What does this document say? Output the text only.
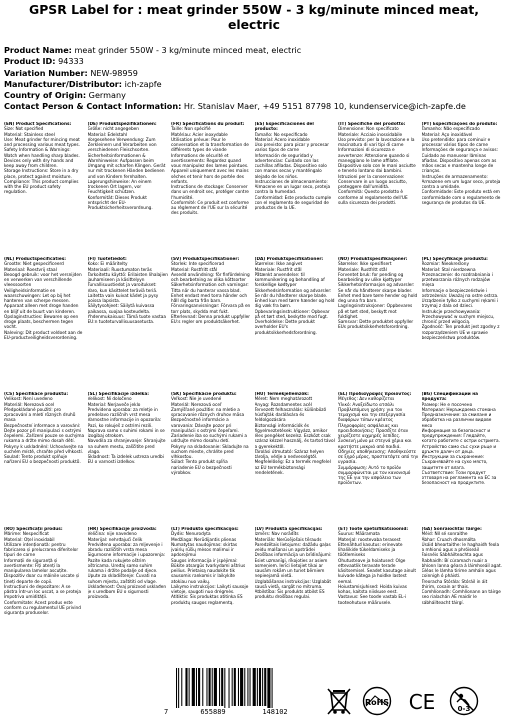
GPSR Label for : meat grinder 550W - 3 kg/minute minced meat, electric
Product Name: meat grinder 550W - 3 kg/minute minced meat, electric
Product ID: 94333
Variation Number: NEW-98959
Manufacturer/Distributor: ich-zapfe
Country of Origin: Germany
Contact Person & Contact Information: Hr. Stanislav Maer, +49 5151 87798 10, kundenservice@ich-zapfe.de
(EN) Product Specifications:

Size: Not specified

Material: Stainless steel

Use: Meat grinder for mincing meat and processing various meat types.

Safety Information & Warnings: Watch when handling sharp blades. Devices only with dry hands and keep away from children.

Storage Instructions: Store in a dry place, protect against moisture.

Compliance: This product complies with the EU product safety regulation.

(DE) Produktspezifikationen:

Größe: nicht angegeben

Material: Edelstahl

Vorgesehene Verwendung: Zum Zerkleinern und Verarbeiten von verschiedenen Fleischsorten.

Sicherheitsinformationen & Warnhinweise: Aufpassen beim Umgang mit scharfen Klingen. Gerät nur mit trockenen Händen bedienen und von Kindern fernhalten.

Lagerungshinweise: An einem trockenen Ort lagern, vor Feuchtigkeit schützen.

Konformität: Dieses Produkt entspricht der EU-Produktsicherheitsverordnung.

(FR) Spécifications du produit:

Taille: Non spécifié

Matériau: Acier inoxydable

Utilisation prévue: Pour le conversation et la transformation de différents types de viande

Informations de sécurité et avertissements: Regardez quand vous manipulez des lames pointues. Appareil uniquement avec les mains sèches et tenir hors de portée des enfants.

Instructions de stockage: Conserver dans un endroit sec, protéger contre l'humidité.

Conformité: Ce produit est conforme au règlement de l'UE sur la sécurité des produits.

(ES) Especificaciones del producto:

Tamaño: No especificado

Material: Acero inoxidable

Uso previsto: para picar y procesar varios tipos de carne

Información de seguridad y advertencias: Cuidado con las cuchillas afiladas. Dispositivo solo con manos secas y manténgalo alejado de los niños.

Instrucciones de almacenamiento: Almacene en un lugar seco, proteja contra la humedad.

Conformidad: Este producto cumple con el reglamento de seguridad de productos de la UE.

(IT) Specifiche del prodotto:

Dimensione: Non specificato

Materiale: Acciaio inossidabile

Uso previsto: per la lavorazione e la macinatura di vari tipi di carne

Informazioni di sicurezza e avvertenze: Attenzione quando si maneggiano le lame affilate. Dispositivo solo con le mani asciutte e tenerlo lontano dai bambini.

Istruzioni per la conservazione: Conservare in un luogo asciutto, proteggere dall'umidità.

Conformità: Questo prodotto è conforme al regolamento dell'UE sulla sicurezza dei prodotti.

(PT) Especificações do produto:

Tamanho: Não especificado

Material: Aço inoxidável

Uso pretendido: para cominuir e processar vários tipos de carne

Informações de segurança e avisos: Cuidado ao manusear lâminas afiadas. Dispositivo apenas com as mãos secas e mantenha longe de crianças.

Instruções de armazenamento: Armazene em um lugar seco, proteja contra a umidade.

Conformidade: Este produto está em conformidade com o regulamento de segurança de produtos da UE.

(NL) Productspecificaties:

Grootte: Niet gespecificeerd

Materiaal: Roestvrij staal

Beoogd gebruik: voor het versnijden en verwerken van verschillende vleessoorten

Veiligheidsinformatie en waarschuwingen: Let op bij het hanteren van scherpe messen. Apparaat alleen met droge handen en blijf uit de buurt van kinderen.

Opslaginstructies: Bewaren op een droge plaats, beschermen tegen vocht.

Naleving: Dit product voldoet aan de EU-productveiligheidsverordening.

(FI) Tuotetiedot:

Koko: Ei määritelty

Materiaali: Ruostumaton teräs

Tarkoitettu käyttö: Erilaisten lihalajien jauhamiseen ja käsittelyyn

Turvallisuustiedot ja varoitukset: Varo, kun käsittelet teräviä teriä. Laitetta vain kuivat kädet ja pysy poissa lapsista.

Säilytysohjeet: Säilytä kuivassa paikassa, suojaa kosteudelta.

Yhdenmukaisuus: Tämä tuote vastaa EU:n tuoteturvallisuusasetusta.

(SV) Produktspecifikationer:

Storlek: Inte specificerad

Material: Rostfritt stål

Avsedd användning: för finfördelning och bearbetning av olika köttsorter

Säkerhetsinformation och varningar: Titta när du hanterar vassa blad. Enhet endast med torra händer och håll dig borta från barn.

Förvaringsanvisningar: Förvara på en torr plats, skydda mot fukt.

Efterlevnad: Denna produkt uppfyller EU:s regler om produktsäkerhet.

(DA) Produktspecifikationer:

Størrelse: Ikke angivet

Materiale: Rustfrit stål

Påtænkt anvendelse: til kommunikering og behandling af forskellige kødtyper

Sikkerhedsinformation og advarsler: Se når du håndterer skarpe blade. Enhed kun med tørre hænder og hold dig væk fra børn.

Opbevaringsinstruktioner: Opbevar på et tørt sted, beskytte mod fugt.

Overholdelse: Dette produkt overholder EU's produktsikkerhedsforordning.

(NO) Produktspesifikasjoner:

Størrelse: Ikke spesifisert

Materiale: Rustfritt stål

Forventet bruk: for pending og bearbeiding av ulike kjøttyper

Sikkerhetsinformasjon og advarsler: Se når du håndterer skarpe blader. Enhet med bare tørre hender og hold deg unna fra barn.

Lagringsinstruksjoner: Oppbevares på et tørt sted, beskytt mot fuktighet.

Samsvar: Dette produktet oppfyller EUs produktsikkerhetsforordning.

(PL) Specyfikacje produktu:

Rozmiar: Nieokreślony

Materiał: Stal nierdzewna

Przeznaczenie: do rozdrabniania i przetwarzania różnych rodzajów mięsa

Informacje o bezpieczeństwie i ostrzeżenia: Uważaj na ostre ostrza. Urządzenie tylko z suchymi rękami i trzymaj z dala od dzieci.

Instrukcje przechowywania: Przechowywać w suchym miejscu, chronić przed wilgocią.

Zgodność: Ten produkt jest zgodny z rozporządzeniem UE w sprawie bezpieczeństwa produktów.

(CS) Specifikace produktu:

Velikost: Není uvedeno

Materiál: Nerezová ocel

Předpokládané použití: pro zpracování a mletí různých druhů masa

Bezpečnostní informace a varování: Dejte pozor při manipulaci s ostrými čepelemi. Zařízení pouze se suchýma rukama a držte mimo dosah dětí.

Pokyny k uskladnění: Uchovávejte na suchém místě, chraňte před vlhkostí.

Soulad: Tento produkt splňuje nařízení EU o bezpečnosti produktů.

(SL) Specifikacije izdelka:

Velikost: Ni določeno

Material: Nerjaveče jeklo

Predvidena uporaba: za mletje in predelavo različnih vrst mesa

Varnostne informacije in opozorila: Pazi, ko rokuješ z ostrimi rezili. Naprava samo s suhimi rokami in se izogibaj otrokom.

Navodila za shranjevanje: Shranjujte na suhem mestu, zaščitite pred vlago.

Skladnost: Ta izdelek ustreza uredbi EU o varnosti izdelkov.

(SK) Špecifikácie produktu:

Veľkosť: Nie je uvedené

Materiál: Nerezová oceľ

Zamýšľané použitie: na mletie a spracovanie rôznych druhov mäsa

Bezpečnostné informácie a varovania: Dávajte pozor pri manipulácii s ostrými čepeľami. Zariadenie iba so suchými rukami a udržujte mimo dosahu detí.

Pokyny na skladovanie: Skladujte na suchom mieste, chráňte pred vlhkosťou.

Súlad: Tento produkt spĺňa nariadenie EÚ o bezpečnosti výrobkov.

(HU) Termékjellemzők:

Méret: Nem meghatározott

Anyag: Rozsdamentes acél

Tervezett felhasználás: különböző húsfajták darálására és feldolgozására

Biztonsági információk és figyelmeztetések: Vigyázz, amikor éles pengéket kezelsz. Eszközt csak száraz kézzel használj, és tartsd távol a gyerekektől.

Tárolási útmutató: Száraz helyen tárolja, védje a nedvességtől.

Megfelelőség: Ez a termék megfelel az EU termékbiztonsági rendeletének.

(EL) Προδιαγραφές προϊόντος:

Μέγεθος: Δεν καθορίζεται

Υλικό: Ανοξείδωτο ατσάλι

Προβλεπόμενη χρήση: για τον τεμαχισμό και την επεξεργασία διαφόρων τύπων κρέατος

Πληροφορίες ασφάλειας και προειδοποιήσεις: Προσέξτε όταν χειρίζεστε αιχμηρές λεπίδες. Συσκευή μόνο με στεγνά χέρια και κρατήστε μακριά από παιδιά.

Οδηγίες αποθήκευσης: Αποθηκεύστε σε ξηρό μέρος, προστατέψτε από την υγρασία.

Συμμόρφωση: Αυτό το προϊόν συμμορφώνεται με τον κανονισμό της ΕΕ για την ασφάλεια των προϊόντων.

(BG) Спецификации на продукта:

Размер: Не е посочено

Материал: Неръждаема стомана

Предназначение: за смилане и обработка на различни видове месо

Информация за безопасност и предупреждения: Гледайте, когато работите с остри остриета. Устройство само със сухи ръце и дръжте далеч от деца.

Инструкции за съхранение: Съхранявайте на сухо място, защитете от влага.

Съответствие: Този продукт отговаря на регламента на ЕС за безопасност на продуктите.

(RO) Specificații produs:

Mărime: Nespecificat

Material: Oțel inoxidabil

Utilizare intenționată: pentru fabricarea și prelucrarea diferitelor tipuri de carne

Informații de siguranță și avertismente: Fiți atenți la manipularea lamelor ascuțite. Dispozitiv doar cu mâinile uscate și țineți departe de copii.

Instrucțiuni de depozitare: A se păstra într-un loc uscat, a se proteja împotriva umidității.

Conformitate: Acest produs este conform cu regulamentul UE privind siguranța produselor.

(HR) Specifikacije proizvoda:

Veličina: nije navedeno

Materijal: nehrđajući čelik

Predviđena uporaba: za mljevenje i obradu različitih vrsta mesa

Sigurnosne informacije i upozorenja: Pazite kada rukujete oštrim oštricama. Uređaj samo suhim rukama i držite podalje od djece.

Upute za skladištenje: Čuvati na suhom mjestu, zaštititi od vlage.

Usklađenost: Ovaj proizvod usklađen je s uredbom EU o sigurnosti proizvoda.

(LT) Produkto specifikacijos:

Dydis: Nenurodyta

Medžiaga: Nerūdijantis plienas

Numatytas naudojimas: skirtas įvairių rūšių mėsos malimui ir apdorojimui

Saugos informacija ir įspėjimai: Būkite atsargūs tvarkydami aštrius peilius. Prietaisą naudokite tik sausomis rankomis ir laikykite atokiau nuo vaikų.

Laikymo instrukcijos: Laikyti sausoje vietoje, saugoti nuo drėgmės.

Atitiktis: Šis produktas atitinka ES produktų saugos reglamentą.

(LV) Produkta specifikācijas:

Izmērs: Nav norādīts

Materiāls: Nerūsējošais tērauds

Paredzētais lietojums: dažādu gaļas veidu malšanai un apstrādei

Drošības informācija un brīdinājumi: Esiet uzmanīgi, rīkojoties ar asiem asmeņiem. Ierīci lietojiet tikai ar sausām rokām un turiet bērniem nepieejamā vietā.

Uzglabāšanas instrukcijas: Uzglabāt sausā vietā, sargāt no mitruma.

Atbilstība: Šis produkts atbilst ES produktu drošības regulai.

(ET) Toote spetsifikatsioonid:

Suurus: Määramata

Materjal: roostevaba terasest

Ettenähtud kasutus: erinevate lihaliikide tükeldamiseks ja töötlemiseks

Ohutusteave ja hoiatused: Olge ettevaatlik teravate terade käsitsemisel. Seadet kasutage ainult kuivade kätega ja hoidke lastest eemal.

Hoiustamisjuhised: Hoida kuivas kohas, kaitsta niiskuse eest.

Vastavus: See toode vastab EL-i tooteohutuse määrusele.

(GA) Sonraíochtaí Táirge:

Méid: Níl sé sonraithe

Ábhar: Cruach dhosmálta

Úsáid bheartaithe: le haghaidh feola a mhionú agus a phróiseáil

Faisnéis Sábháilteachta agus Rabhaidh: Bí cúramach nuair a bhíonn lanna géara á láimhseáil agat. Gléas le lámha tirime amháin agus coinnigh ó pháistí.

Treoracha Stórála: Stóráil in áit thirim, cosain ar thais.

Comhlíonadh: Comhlíonann an táirge seo rialachán AE maidir le sábháilteacht táirgí.

7	655889	148102
RoHS CE	0-3
